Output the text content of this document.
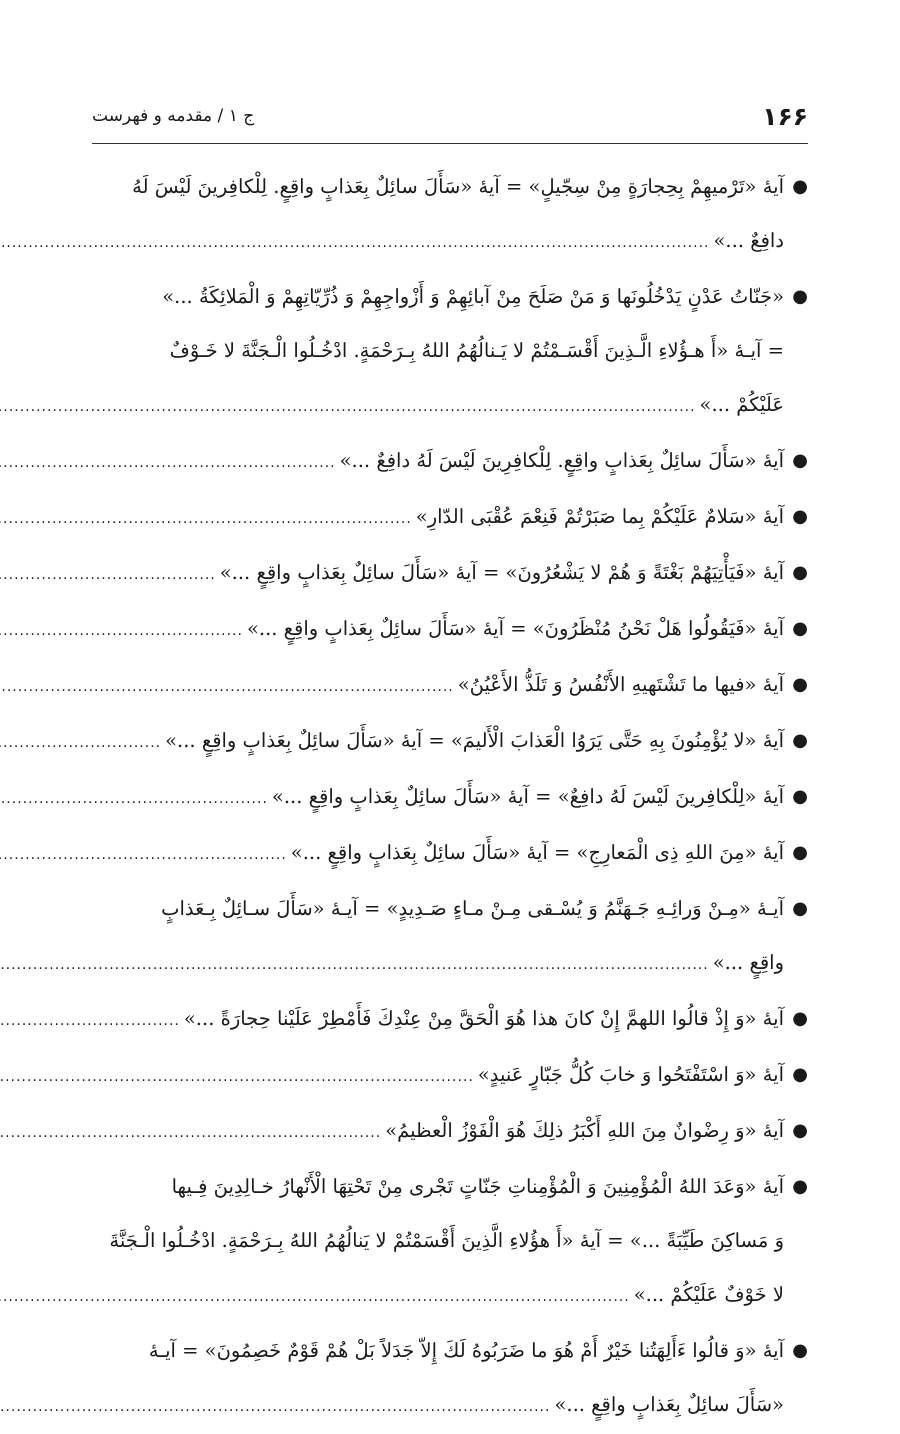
۱۶۶
ج ۱ / مقدمه و فهرست
●
آيهٔ «تَرْميهِمْ بِحِجارَةٍ مِنْ سِجّيلٍ» = آيهٔ «سَأَلَ سائِلٌ بِعَذابٍ واقِعٍ. لِلْكافِرينَ لَيْسَ لَهُ
دافِعٌ ...»
.....
●
«جَنّاتُ عَدْنٍ يَدْخُلُونَها وَ مَنْ صَلَحَ مِنْ آبائِهِمْ وَ أَزْواجِهِمْ وَ ذُرِّيّاتِهِمْ وَ الْمَلائِكَةُ ...»
= آيـهٔ «أَ هـؤُلاءِ الَّـذِينَ أَقْسَـمْتُمْ لا يَـنالُهُمُ اللهُ بِـرَحْمَةٍ. ادْخُـلُوا الْـجَنَّةَ لا خَـوْفٌ
عَلَيْكُمْ ...»
.....
●
آيهٔ «سَأَلَ سائِلٌ بِعَذابٍ واقِعٍ. لِلْكافِرِينَ لَيْسَ لَهُ دافِعٌ ...»
.....
●
آيهٔ «سَلامٌ عَلَيْكُمْ بِما صَبَرْتُمْ فَنِعْمَ عُقْبَى الدّارِ»
.....
●
آيهٔ «فَيَأْتِيَهُمْ بَغْتَةً وَ هُمْ لا يَشْعُرُونَ» = آيهٔ «سَأَلَ سائِلٌ بِعَذابٍ واقِعٍ ...»
.....
●
آيهٔ «فَيَقُولُوا هَلْ نَحْنُ مُنْظَرُونَ» = آيهٔ «سَأَلَ سائِلٌ بِعَذابٍ واقِعٍ ...»
.....
●
آيهٔ «فيها ما تَشْتَهيهِ الأَنْفُسُ وَ تَلَذُّ الأَعْيُنُ»
.....
●
آيهٔ «لا يُؤْمِنُونَ بِهِ حَتَّى يَرَوُا الْعَذابَ الْأَليمَ» = آيهٔ «سَأَلَ سائِلٌ بِعَذابٍ واقِعٍ ...»
.....
●
آيهٔ «لِلْكافِرينَ لَيْسَ لَهُ دافِعٌ» = آيهٔ «سَأَلَ سائِلٌ بِعَذابٍ واقِعٍ ...»
.....
●
آيهٔ «مِنَ اللهِ ذِى الْمَعارِجِ» = آيهٔ «سَأَلَ سائِلٌ بِعَذابٍ واقِعٍ ...»
.....
●
آيـهٔ «مِـنْ وَرائِـهِ جَـهَنَّمُ وَ يُسْـقى مِـنْ مـاءٍ صَـدِيدٍ» = آيـهٔ «سَأَلَ سـائِلٌ بِـعَذابٍ
واقِعٍ ...»
.....
●
آيهٔ «وَ إِذْ قالُوا اللهمَّ إِنْ كانَ هذا هُوَ الْحَقَّ مِنْ عِنْدِكَ فَأَمْطِرْ عَلَيْنا حِجارَةً ...»
.....
●
آيهٔ «وَ اسْتَفْتَحُوا وَ خابَ كُلُّ جَبّارٍ عَنيدٍ»
.....
●
آيهٔ «وَ رِضْوانٌ مِنَ اللهِ أَكْبَرُ ذلِكَ هُوَ الْفَوْزُ الْعظيمُ»
.....
●
آيهٔ «وَعَدَ اللهُ الْمُؤْمِنِينَ وَ الْمُؤْمِناتِ جَنّاتٍ تَجْرى مِنْ تَحْتِهَا الْأَنْهارُ خـالِدِينَ فِـيها
وَ مَساكِنَ طَيِّبَةً ...» = آيهٔ «أَ هؤُلاءِ الَّذِينَ أَقْسَمْتُمْ لا يَنالُهُمُ اللهُ بِـرَحْمَةٍ. ادْخُـلُوا الْـجَنَّةَ
لا خَوْفٌ عَلَيْكُمْ ...»
.....
●
آيهٔ «وَ قالُوا ءَأَلِهَتُنا خَيْرٌ أَمْ هُوَ ما ضَرَبُوهُ لَكَ إِلاّ جَدَلاً بَلْ هُمْ قَوْمٌ خَصِمُونَ» = آيـهٔ
«سَأَلَ سائِلٌ بِعَذابٍ واقِعٍ ...»
.....
